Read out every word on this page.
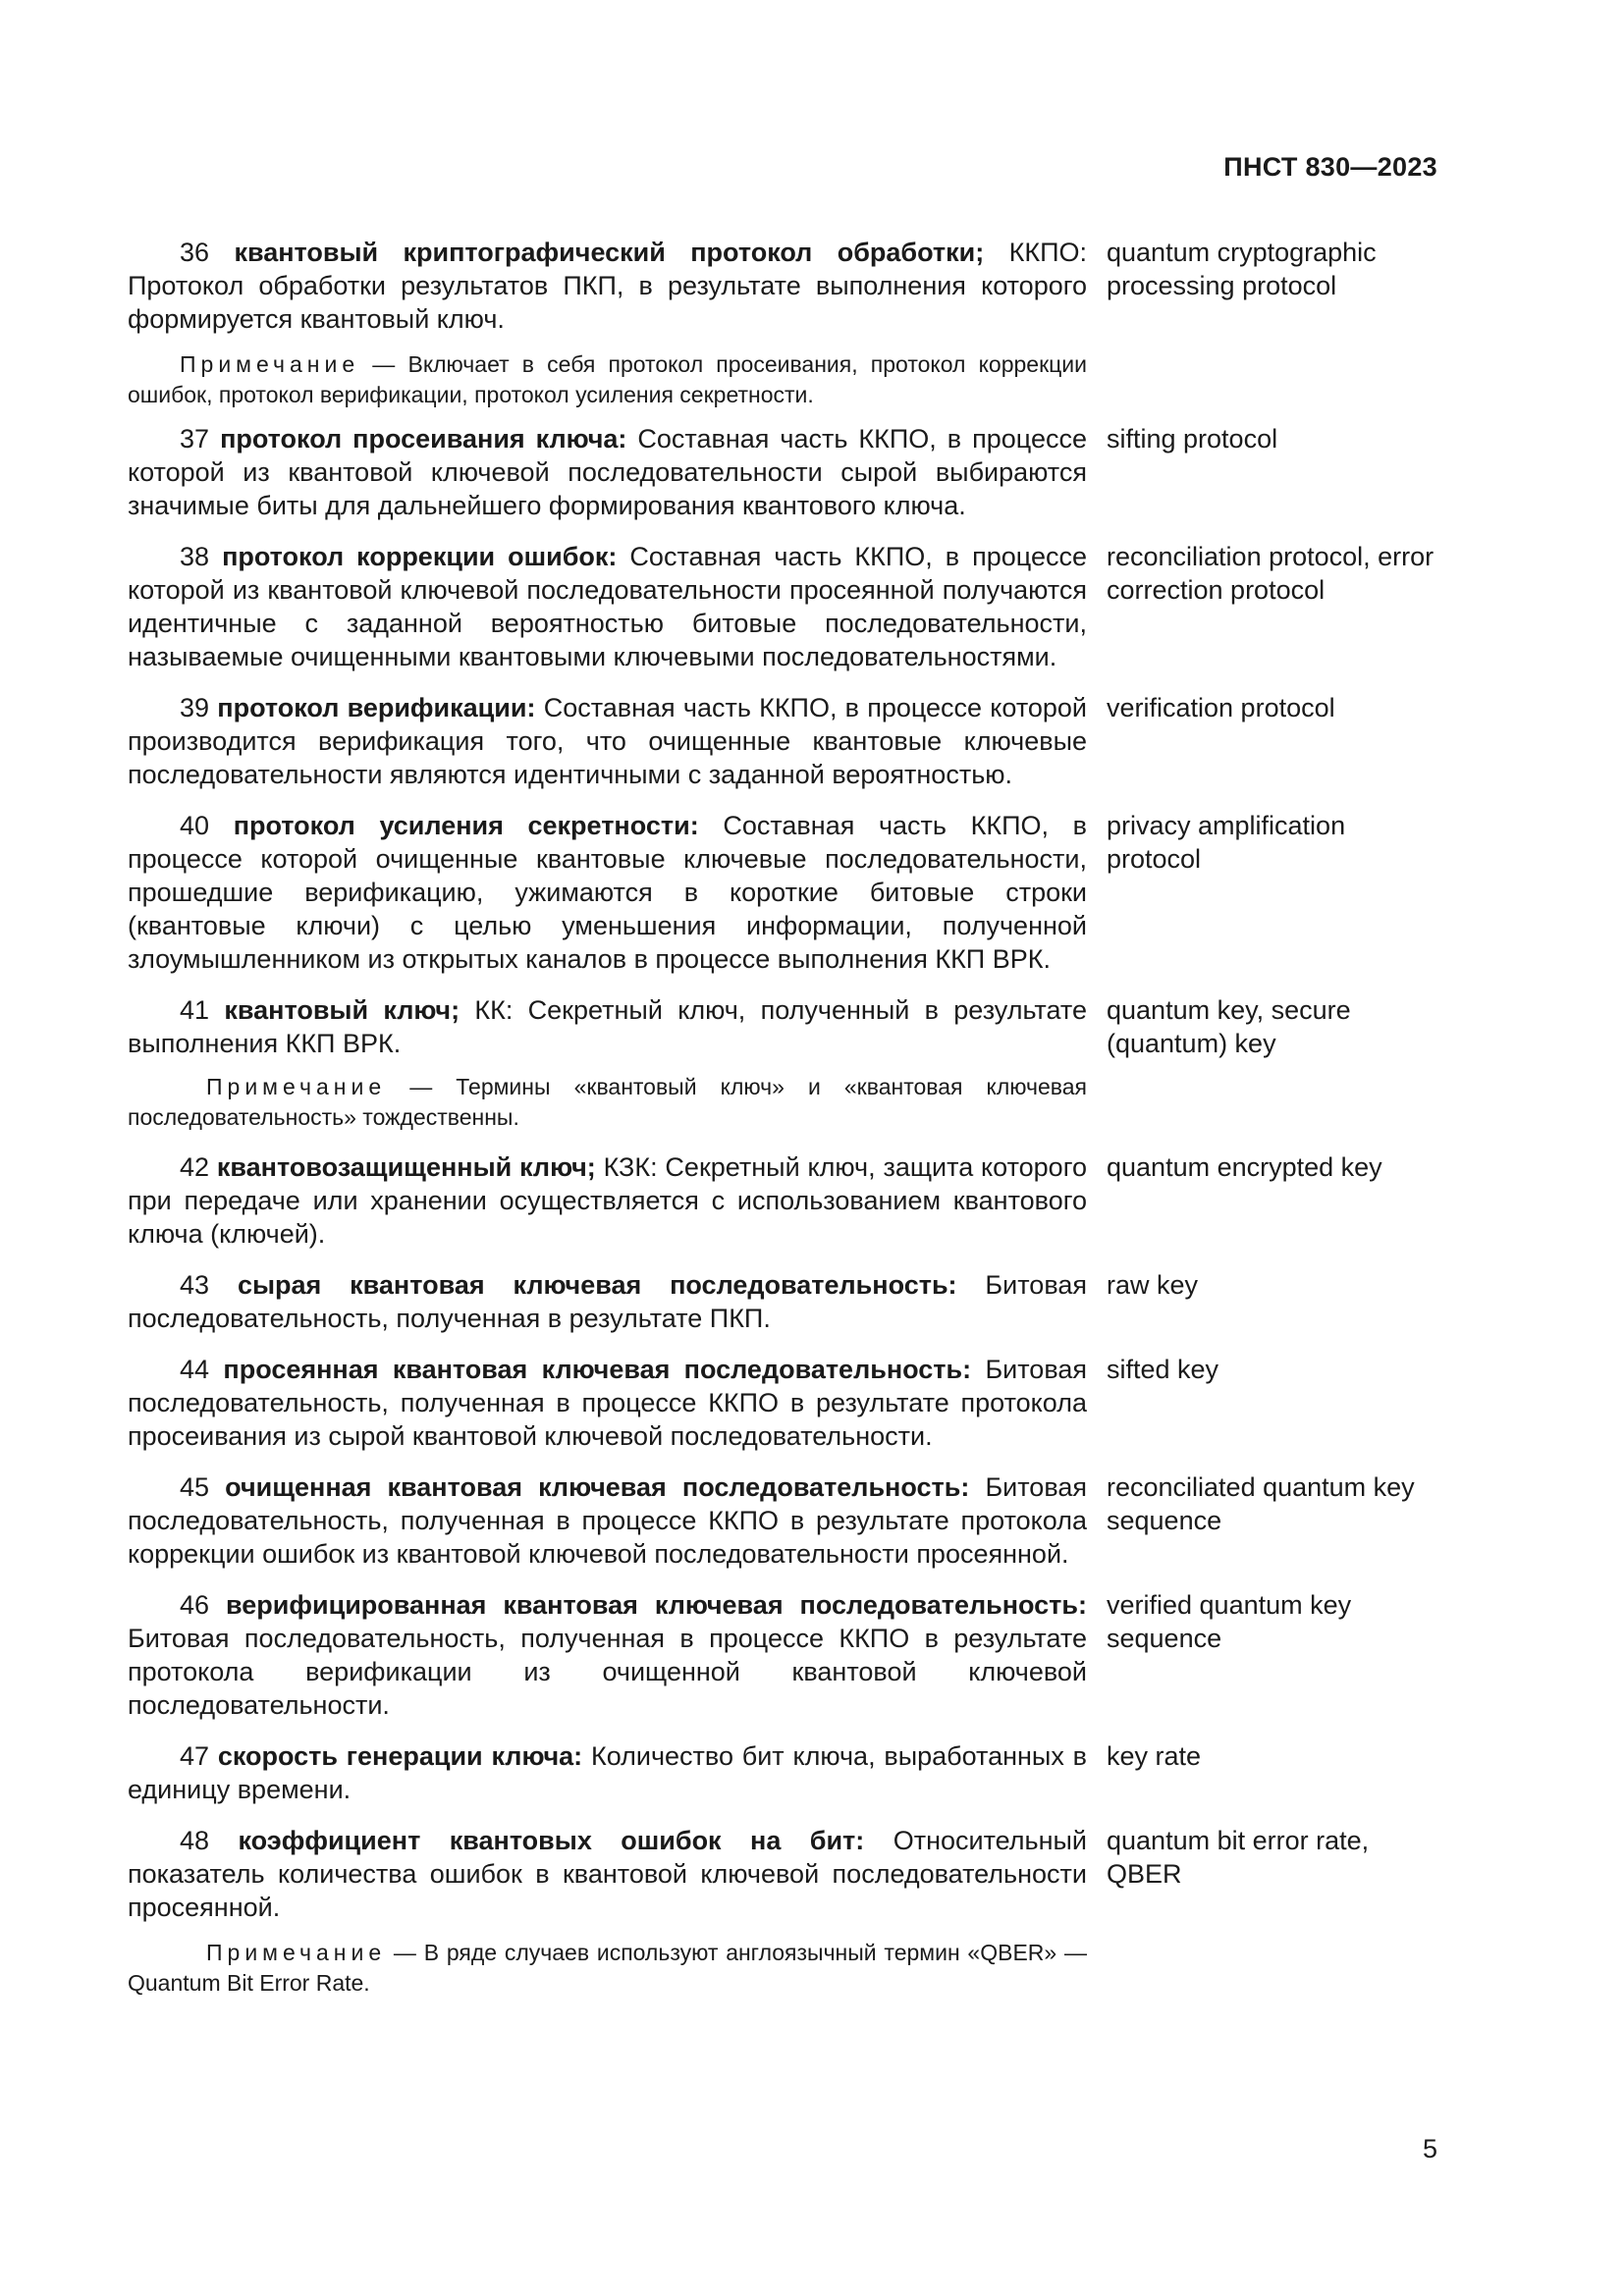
ПНСТ 830—2023
36 квантовый криптографический протокол обработки; ККПО: Протокол обработки результатов ПКП, в результате выполнения которого формируется квантовый ключ.
quantum cryptographic processing protocol
Примечание — Включает в себя протокол просеивания, протокол коррекции ошибок, протокол верификации, протокол усиления секретности.
37 протокол просеивания ключа: Составная часть ККПО, в процессе которой из квантовой ключевой последовательности сырой выбираются значимые биты для дальнейшего формирования квантового ключа.
sifting protocol
38 протокол коррекции ошибок: Составная часть ККПО, в процессе которой из квантовой ключевой последовательности просеянной получаются идентичные с заданной вероятностью битовые последовательности, называемые очищенными квантовыми ключевыми последовательностями.
reconciliation protocol, error correction protocol
39 протокол верификации: Составная часть ККПО, в процессе которой производится верификация того, что очищенные квантовые ключевые последовательности являются идентичными с заданной вероятностью.
verification protocol
40 протокол усиления секретности: Составная часть ККПО, в процессе которой очищенные квантовые ключевые последовательности, прошедшие верификацию, ужимаются в короткие битовые строки (квантовые ключи) с целью уменьшения информации, полученной злоумышленником из открытых каналов в процессе выполнения ККП ВРК.
privacy amplification protocol
41 квантовый ключ; КК: Секретный ключ, полученный в результате выполнения ККП ВРК.
quantum key, secure (quantum) key
Примечание — Термины «квантовый ключ» и «квантовая ключевая последовательность» тождественны.
42 квантовозащищенный ключ; КЗК: Секретный ключ, защита которого при передаче или хранении осуществляется с использованием квантового ключа (ключей).
quantum encrypted key
43 сырая квантовая ключевая последовательность: Битовая последовательность, полученная в результате ПКП.
raw key
44 просеянная квантовая ключевая последовательность: Битовая последовательность, полученная в процессе ККПО в результате протокола просеивания из сырой квантовой ключевой последовательности.
sifted key
45 очищенная квантовая ключевая последовательность: Битовая последовательность, полученная в процессе ККПО в результате протокола коррекции ошибок из квантовой ключевой последовательности просеянной.
reconciliated quantum key sequence
46 верифицированная квантовая ключевая последовательность: Битовая последовательность, полученная в процессе ККПО в результате протокола верификации из очищенной квантовой ключевой последовательности.
verified quantum key sequence
47 скорость генерации ключа: Количество бит ключа, выработанных в единицу времени.
key rate
48 коэффициент квантовых ошибок на бит: Относительный показатель количества ошибок в квантовой ключевой последовательности просеянной.
quantum bit error rate, QBER
Примечание — В ряде случаев используют англоязычный термин «QBER» — Quantum Bit Error Rate.
5
